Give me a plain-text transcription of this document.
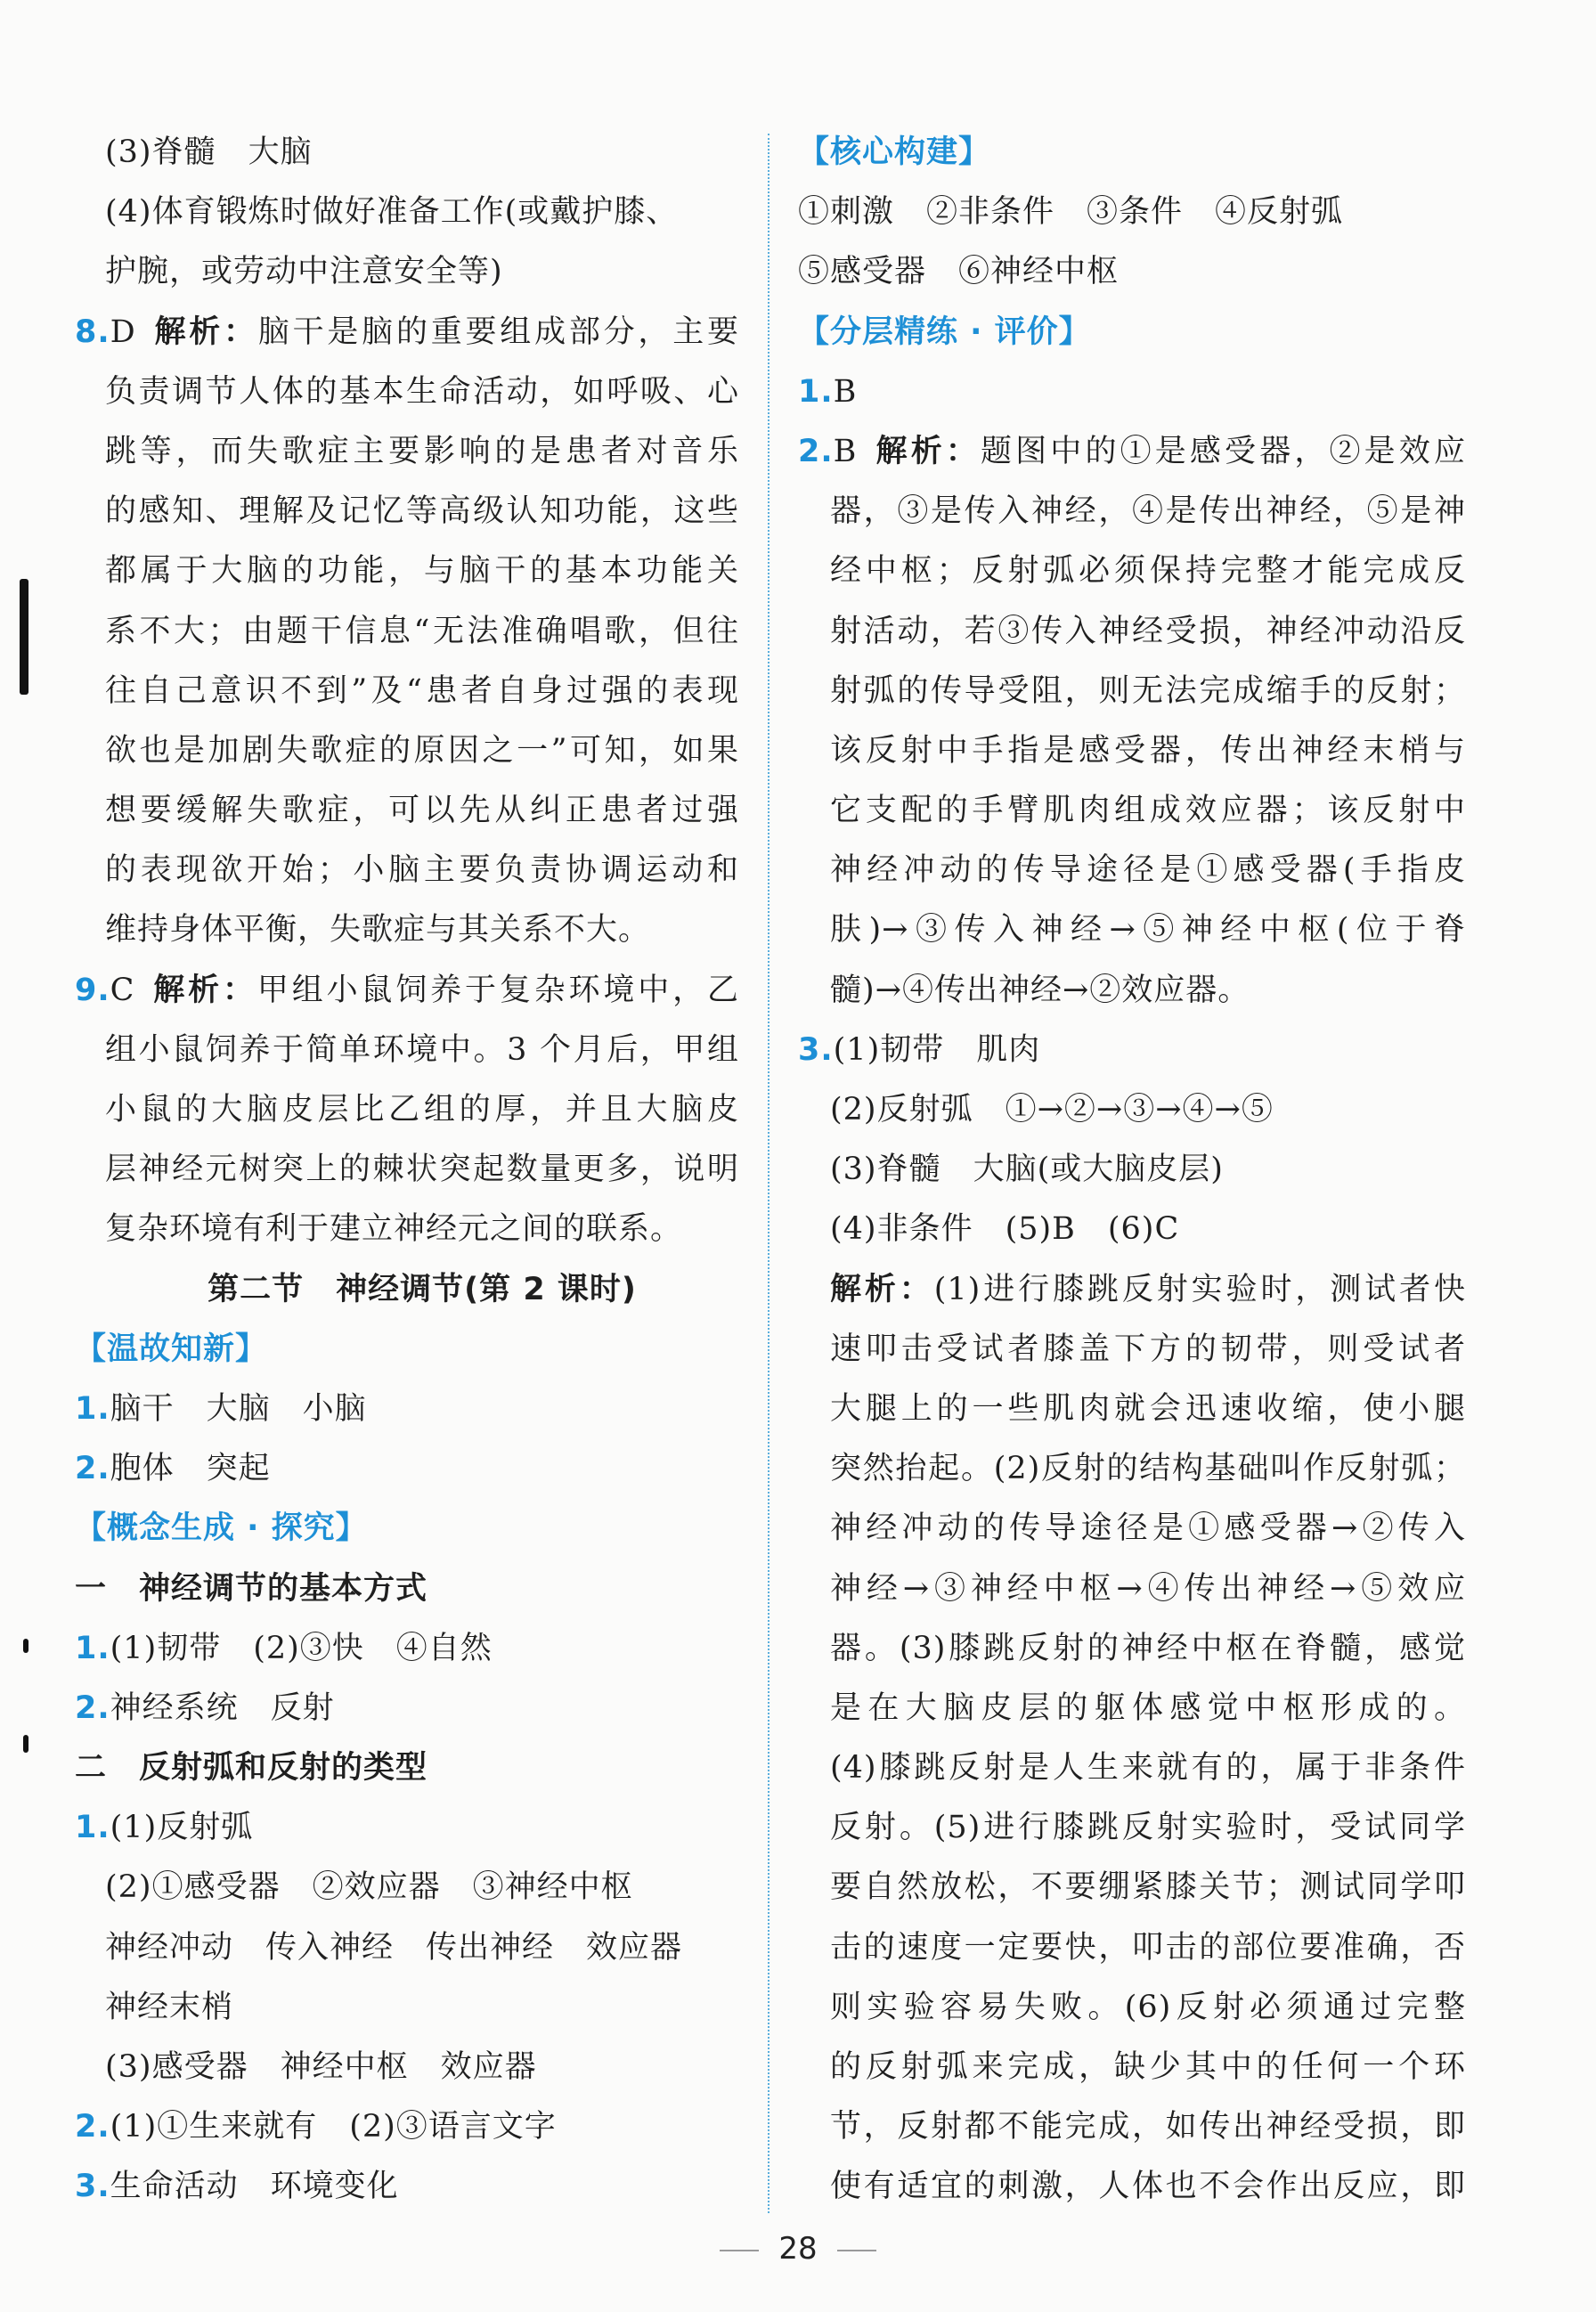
(3)脊髓　大脑
(4)体育锻炼时做好准备工作(或戴护膝、
护腕，或劳动中注意安全等)
8.D 解析：脑干是脑的重要组成部分，主要
负责调节人体的基本生命活动，如呼吸、心
跳等，而失歌症主要影响的是患者对音乐
的感知、理解及记忆等高级认知功能，这些
都属于大脑的功能，与脑干的基本功能关
系不大；由题干信息“无法准确唱歌，但往
往自己意识不到”及“患者自身过强的表现
欲也是加剧失歌症的原因之一”可知，如果
想要缓解失歌症，可以先从纠正患者过强
的表现欲开始；小脑主要负责协调运动和
维持身体平衡，失歌症与其关系不大。
9.C 解析：甲组小鼠饲养于复杂环境中，乙
组小鼠饲养于简单环境中。3 个月后，甲组
小鼠的大脑皮层比乙组的厚，并且大脑皮
层神经元树突上的棘状突起数量更多，说明
复杂环境有利于建立神经元之间的联系。
第二节　神经调节(第 2 课时)
【温故知新】
1.脑干　大脑　小脑
2.胞体　突起
【概念生成 · 探究】
一　神经调节的基本方式
1.(1)韧带　(2)③快　④自然
2.神经系统　反射
二　反射弧和反射的类型
1.(1)反射弧
(2)①感受器　②效应器　③神经中枢
神经冲动　传入神经　传出神经　效应器
神经末梢
(3)感受器　神经中枢　效应器
2.(1)①生来就有　(2)③语言文字
3.生命活动　环境变化
【核心构建】
①刺激　②非条件　③条件　④反射弧
⑤感受器　⑥神经中枢
【分层精练 · 评价】
1.B
2.B 解析：题图中的①是感受器，②是效应
器，③是传入神经，④是传出神经，⑤是神
经中枢；反射弧必须保持完整才能完成反
射活动，若③传入神经受损，神经冲动沿反
射弧的传导受阻，则无法完成缩手的反射；
该反射中手指是感受器，传出神经末梢与
它支配的手臂肌肉组成效应器；该反射中
神经冲动的传导途径是①感受器(手指皮
肤)→③传入神经→⑤神经中枢(位于脊
髓)→④传出神经→②效应器。
3.(1)韧带　肌肉
(2)反射弧　①→②→③→④→⑤
(3)脊髓　大脑(或大脑皮层)
(4)非条件　(5)B　(6)C
解析：(1)进行膝跳反射实验时，测试者快
速叩击受试者膝盖下方的韧带，则受试者
大腿上的一些肌肉就会迅速收缩，使小腿
突然抬起。(2)反射的结构基础叫作反射弧；
神经冲动的传导途径是①感受器→②传入
神经→③神经中枢→④传出神经→⑤效应
器。(3)膝跳反射的神经中枢在脊髓，感觉
是在大脑皮层的躯体感觉中枢形成的。
(4)膝跳反射是人生来就有的，属于非条件
反射。(5)进行膝跳反射实验时，受试同学
要自然放松，不要绷紧膝关节；测试同学叩
击的速度一定要快，叩击的部位要准确，否
则实验容易失败。(6)反射必须通过完整
的反射弧来完成，缺少其中的任何一个环
节，反射都不能完成，如传出神经受损，即
使有适宜的刺激，人体也不会作出反应，即
28
